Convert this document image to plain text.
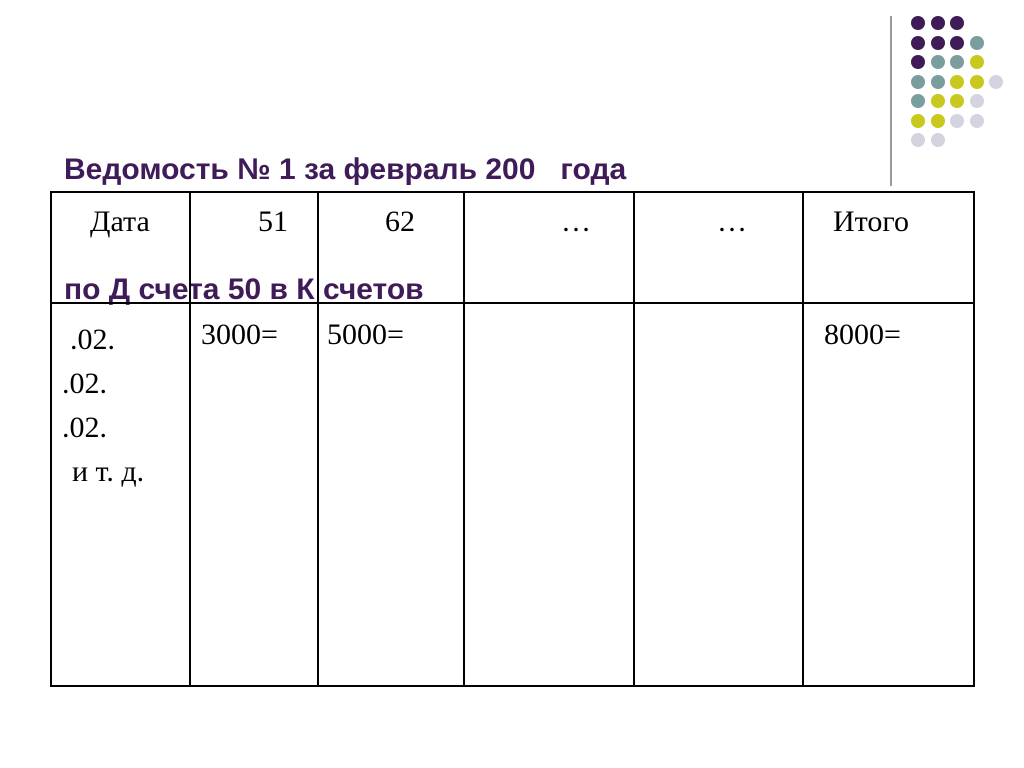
Ведомость № 1 за февраль 200   года

по Д счета 50 в К счетов

Дата	51	62	…	…	Итого

.02.
.02.
.02.
и т. д.	3000=	5000=			8000=
